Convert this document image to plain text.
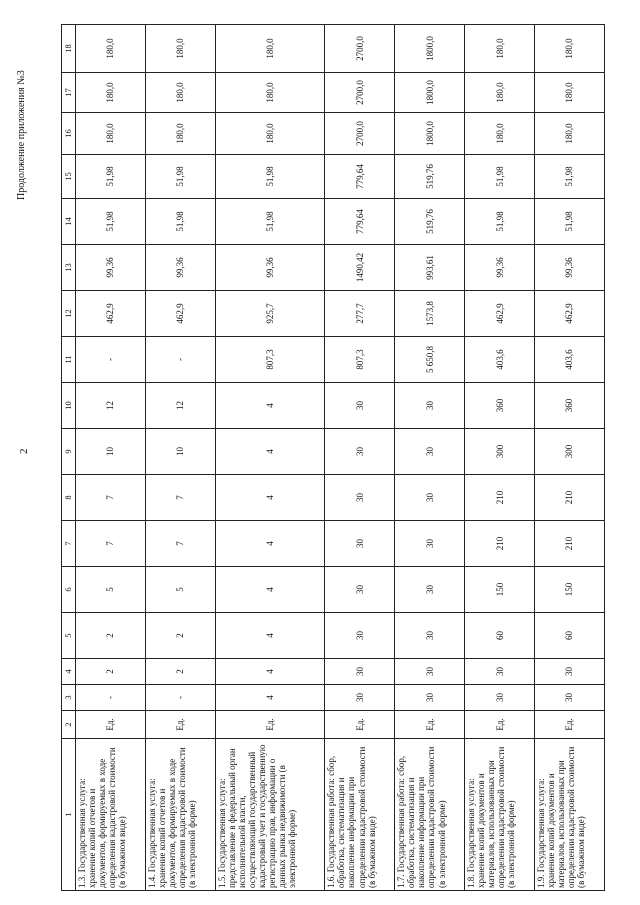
Продолжение приложения №3
2
1	2	3	4	5	6	7	8	9	10	11	12	13	14	15	16	17	18
1.3. Государственная услуга: хранение копий отчетов и документов, формируемых в ходе определения кадастровой стоимости (в бумажном виде)	Ед.	-	2	2	5	7	7	10	12	-	462,9	99,36	51,98	51,98	180,0	180,0	180,0
1.4. Государственная услуга: хранение копий отчетов и документов, формируемых в ходе определения кадастровой стоимости (в электронной форме)	Ед.	-	2	2	5	7	7	10	12	-	462,9	99,36	51,98	51,98	180,0	180,0	180,0
1.5. Государственная услуга: представление в федеральный орган исполнительной власти, осуществляющий государственный кадастровый учет и государственную регистрацию прав, информации о данных рынка недвижимости (в электронной форме)	Ед.	4	4	4	4	4	4	4	4	807,3	925,7	99,36	51,98	51,98	180,0	180,0	180,0
1.6. Государственная работа: сбор, обработка, систематизация и накопление информации при определении кадастровой стоимости (в бумажном виде)	Ед.	30	30	30	30	30	30	30	30	807,3	277,7	1490,42	779,64	779,64	2700,0	2700,0	2700,0
1.7. Государственная работа: сбор, обработка, систематизация и накопление информации при определении кадастровой стоимости (в электронной форме)	Ед.	30	30	30	30	30	30	30	30	5 650,8	1573,8	993,61	519,76	519,76	1800,0	1800,0	1800,0
1.8. Государственная услуга: хранение копий документов и материалов, использованных при определении кадастровой стоимости (в электронной форме)	Ед.	30	30	60	150	210	210	300	360	403,6	462,9	99,36	51,98	51,98	180,0	180,0	180,0
1.9. Государственная услуга: хранение копий документов и материалов, использованных при определении кадастровой стоимости (в бумажном виде)	Ед.	30	30	60	150	210	210	300	360	403,6	462,9	99,36	51,98	51,98	180,0	180,0	180,0
